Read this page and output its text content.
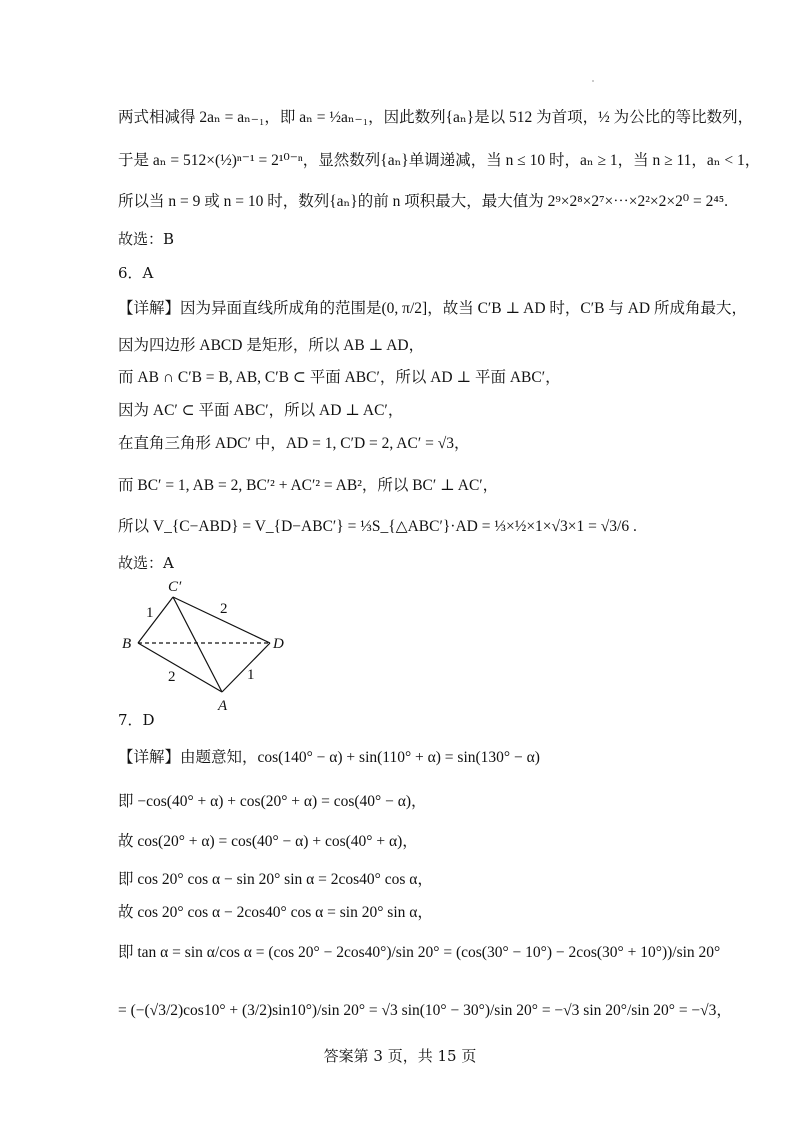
两式相减得 2aₙ = aₙ₋₁，即 aₙ = ½aₙ₋₁，因此数列{aₙ}是以 512 为首项，½ 为公比的等比数列，
于是 aₙ = 512×(½)ⁿ⁻¹ = 2¹⁰⁻ⁿ，显然数列{aₙ}单调递减，当 n ≤ 10 时，aₙ ≥ 1，当 n ≥ 11，aₙ < 1，
所以当 n = 9 或 n = 10 时，数列{aₙ}的前 n 项积最大，最大值为 2⁹×2⁸×2⁷×⋯×2²×2×2⁰ = 2⁴⁵.
故选：B
6．A
【详解】因为异面直线所成角的范围是(0, π/2]，故当 C′B ⊥ AD 时，C′B 与 AD 所成角最大，
因为四边形 ABCD 是矩形，所以 AB ⊥ AD，
而 AB ∩ C′B = B, AB, C′B ⊂ 平面 ABC′，所以 AD ⊥ 平面 ABC′，
因为 AC′ ⊂ 平面 ABC′，所以 AD ⊥ AC′，
在直角三角形 ADC′ 中，AD = 1, C′D = 2, AC′ = √3，
而 BC′ = 1, AB = 2, BC′² + AC′² = AB²，所以 BC′ ⊥ AC′，
所以 V_{C−ABD} = V_{D−ABC′} = ⅓S_{△ABC′}·AD = ⅓×½×1×√3×1 = √3/6 .
故选：A
C′
B	D
A
1	2
2	1
7．D
【详解】由题意知，cos(140° − α) + sin(110° + α) = sin(130° − α)
即 −cos(40° + α) + cos(20° + α) = cos(40° − α)，
故 cos(20° + α) = cos(40° − α) + cos(40° + α)，
即 cos 20° cos α − sin 20° sin α = 2cos40° cos α，
故 cos 20° cos α − 2cos40° cos α = sin 20° sin α，
即 tan α = sin α/cos α = (cos 20° − 2cos40°)/sin 20° = (cos(30° − 10°) − 2cos(30° + 10°))/sin 20°
= (−(√3/2)cos10° + (3/2)sin10°)/sin 20° = √3 sin(10° − 30°)/sin 20° = −√3 sin 20°/sin 20° = −√3，
答案第 3 页，共 15 页
